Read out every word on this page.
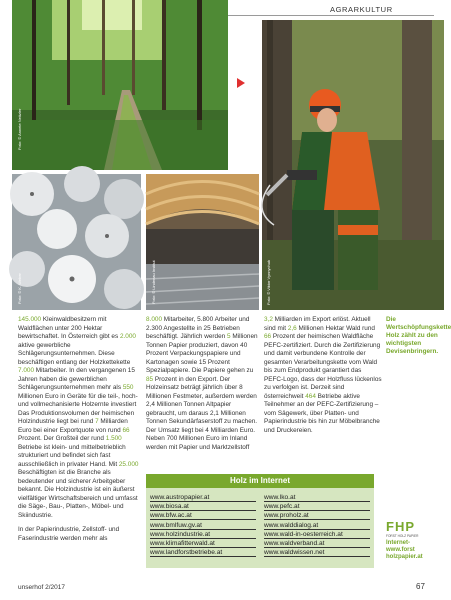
AGRARKULTUR
Foto: © Annete Neitzler
Foto: © K. Weber	Foto: © Lindenau Institut	Foto: © Viktor Vynnychuk

145.000 Kleinwaldbesitzern mit Waldflächen unter 200 Hektar bewirtschaftet. In Österreich gibt es 2.000 aktive gewerbliche Schlägerungsunternehmen. Diese beschäftigen entlang der Holzkettekette 7.000 Mitarbeiter. In den vergangenen 15 Jahren haben die gewerblichen Schlägerungsunternehmen mehr als 550 Millionen Euro in Geräte für die teil-, hoch- und vollmechanisierte Holzernte investiert

Das Produktionsvolumen der heimischen Holzindustrie liegt bei rund 7 Milliarden Euro bei einer Exportquote von rund 66 Prozent. Der Großteil der rund 1.500 Betriebe ist klein- und mittelbetrieblich strukturiert und befindet sich fast ausschließlich in privater Hand. Mit 25.000 Beschäftigten ist die Branche als bedeutender und sicherer Arbeitgeber bekannt. Die Holzindustrie ist ein äußerst vielfältiger Wirtschaftsbereich und umfasst die Säge-, Bau-, Platten-, Möbel- und Skiindustrie.

In der Papierindustrie, Zellstoff- und Faserindustrie werden mehr als

8.000 Mitarbeiter, 5.800 Arbeiter und 2.300 Angestellte in 25 Betrieben beschäftigt. Jährlich werden 5 Millionen Tonnen Papier produziert, davon 40 Prozent Verpackungspapiere und Kartonagen sowie 15 Prozent Spezialpapiere. Die Papiere gehen zu 85 Prozent in den Export. Der Holzeinsatz beträgt jährlich über 8 Millionen Festmeter, außerdem werden 2,4 Millionen Tonnen Altpapier gebraucht, um daraus 2,1 Millionen Tonnen Sekundärfaserstoff zu machen. Der Umsatz liegt bei 4 Milliarden Euro. Neben 700 Millionen Euro im Inland werden mit Papier und Marktzellstoff

3,2 Milliarden im Export erlöst. Aktuell sind mit 2,6 Millionen Hektar Wald rund 66 Prozent der heimischen Waldfläche PEFC-zertifiziert. Durch die Zertifizierung und damit verbundene Kontrolle der gesamten Verarbeitungskette vom Wald bis zum Endprodukt garantiert das PEFC-Logo, dass der Holzfluss lückenlos zu verfolgen ist. Derzeit sind österreichweit 464 Betriebe aktive Teilnehmer an der PEFC-Zertifizierung – vom Sägewerk, über Platten- und Papierindustrie bis hin zur Möbelbranche und Druckereien.

Die Wertschöpfungskette Holz zählt zu den wichtigsten Devisenbringern.
Holz im Internet
www.austropapier.at
www.biosa.at
www.bfw.ac.at
www.bmlfuw.gv.at
www.holzindustrie.at
www.klimafitterwald.at
www.landforstbetriebe.at
www.lko.at
www.pefc.at
www.proholz.at
www.walddialog.at
www.wald-in-oesterreich.at
www.waldverband.at
www.waldwissen.net
FHP
FORST HOLZ PAPIER
Internet-
www.forst
holzpapier.at
unserhof 2/2017	67
